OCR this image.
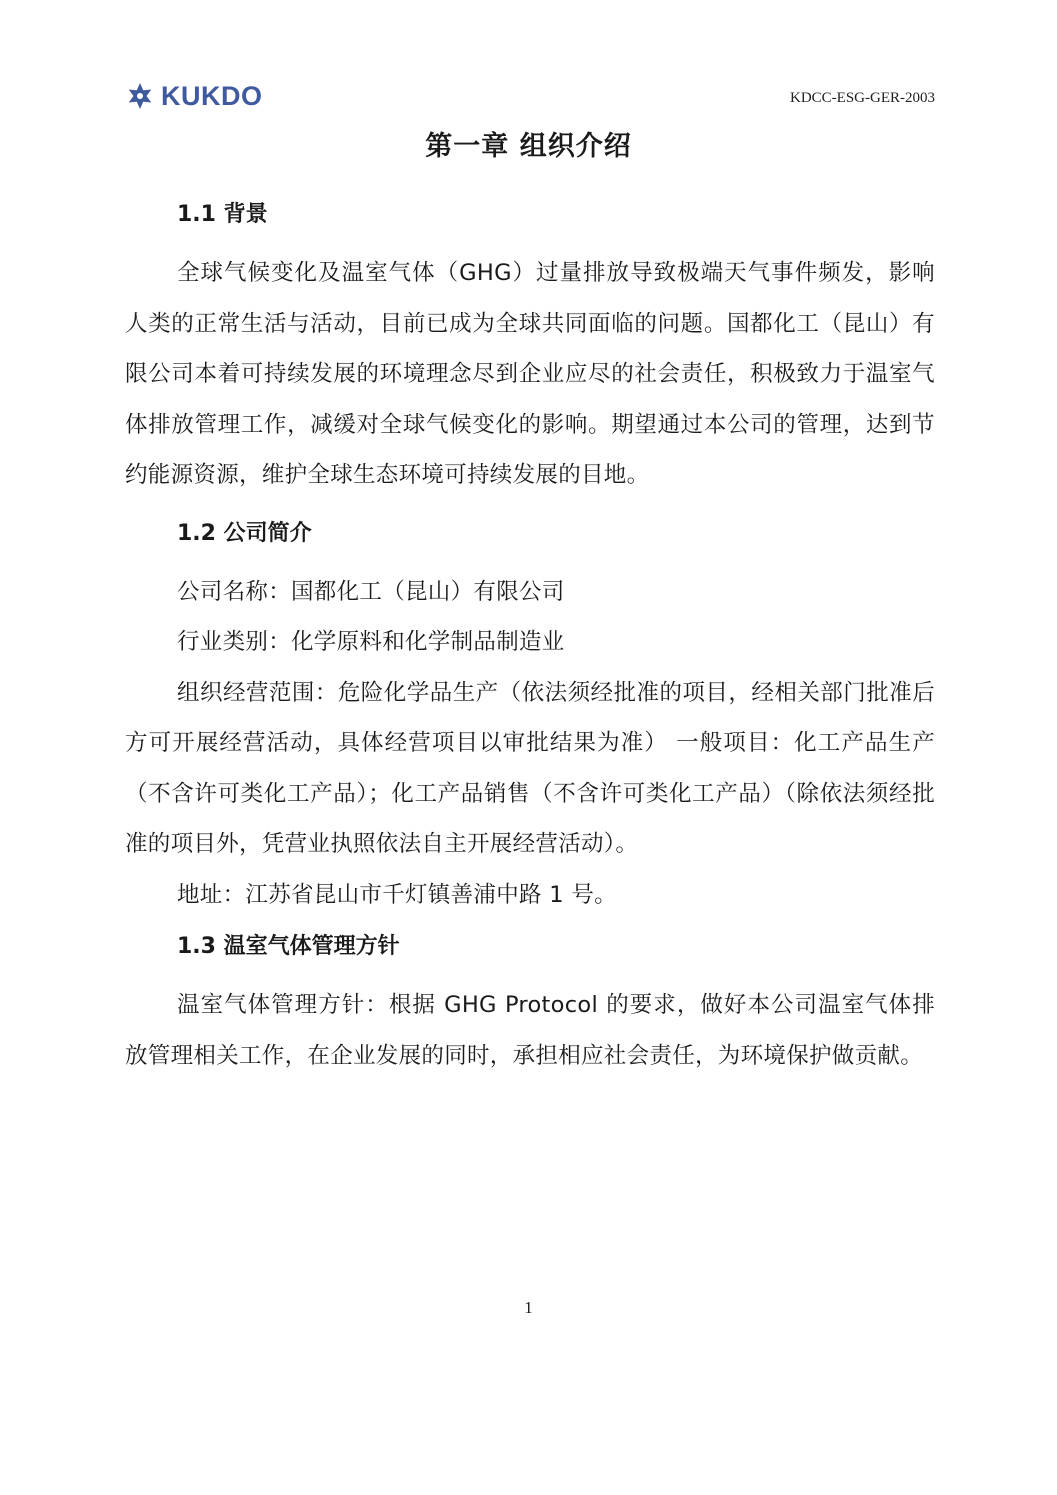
KUKDO	KDCC-ESG-GER-2003
第一章 组织介绍
1.1 背景

全球气候变化及温室气体（GHG）过量排放导致极端天气事件频发，影响人类的正常生活与活动，目前已成为全球共同面临的问题。国都化工（昆山）有限公司本着可持续发展的环境理念尽到企业应尽的社会责任，积极致力于温室气体排放管理工作，减缓对全球气候变化的影响。期望通过本公司的管理，达到节约能源资源，维护全球生态环境可持续发展的目地。

1.2 公司简介

公司名称：国都化工（昆山）有限公司

行业类别：化学原料和化学制品制造业

组织经营范围：危险化学品生产（依法须经批准的项目，经相关部门批准后方可开展经营活动，具体经营项目以审批结果为准） 一般项目：化工产品生产（不含许可类化工产品）；化工产品销售（不含许可类化工产品）（除依法须经批准的项目外，凭营业执照依法自主开展经营活动）。

地址：江苏省昆山市千灯镇善浦中路 1 号。

1.3 温室气体管理方针

温室气体管理方针：根据 GHG Protocol 的要求，做好本公司温室气体排放管理相关工作，在企业发展的同时，承担相应社会责任，为环境保护做贡献。

1
